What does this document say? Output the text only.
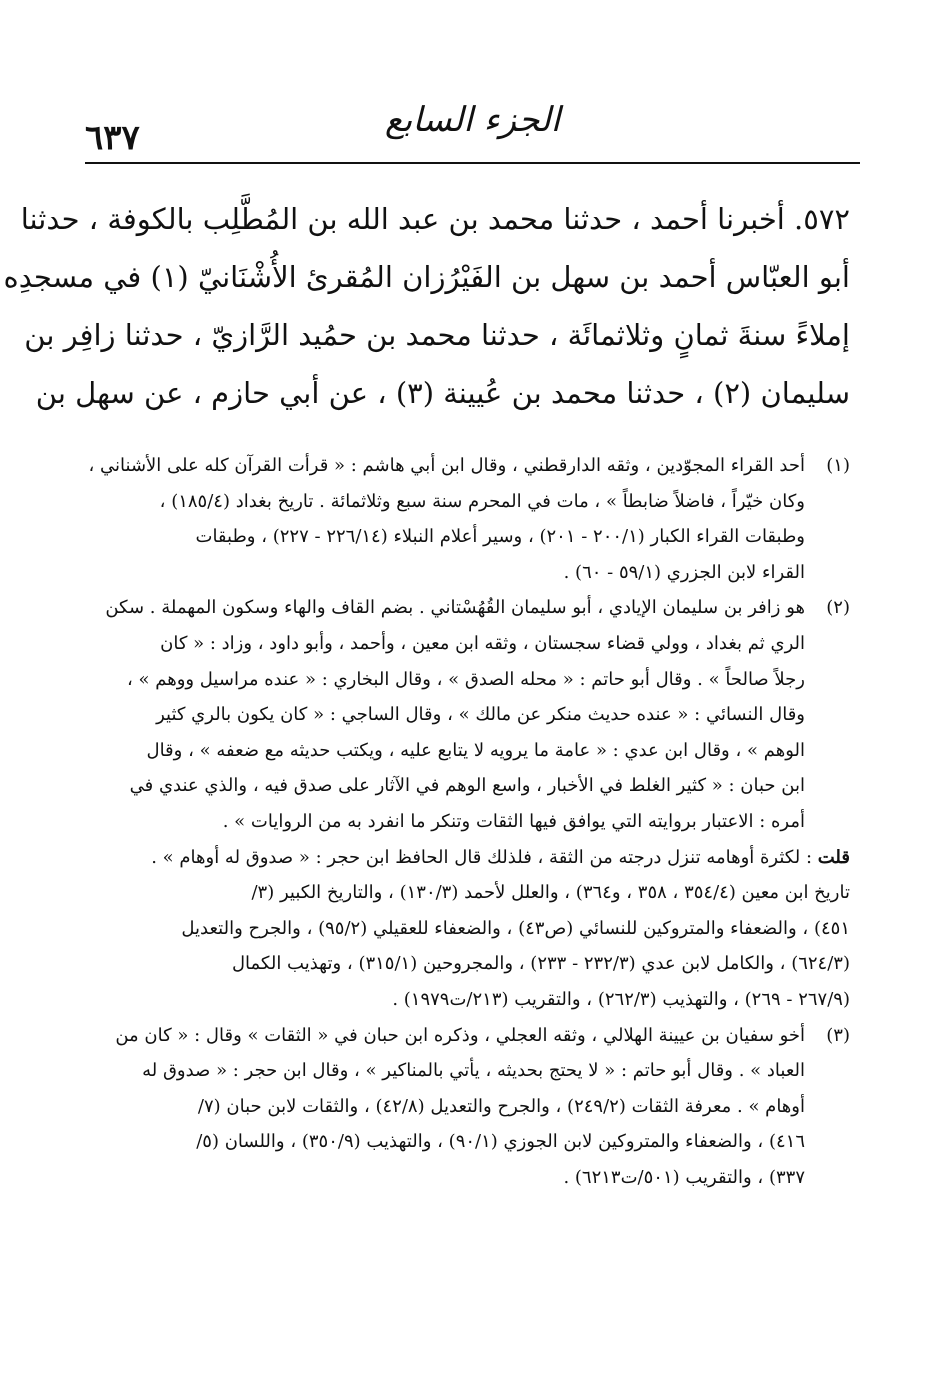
الجزء السابع
٦٣٧
٥٧٢. أخبرنا أحمد ، حدثنا محمد بن عبد الله بن المُطَّلِب بالكوفة ، حدثنا
أبو العبّاس أحمد بن سهل بن الفَيْرُزان المُقرئ الأُشْنَانيّ (١) في مسجدِه
إملاءً سنةَ ثمانٍ وثلاثمائَة ، حدثنا محمد بن حمُيد الرَّازيّ ، حدثنا زافِر بن
سليمان (٢) ، حدثنا محمد بن عُيينة (٣) ، عن أبي حازم ، عن سهل بن
(١)
أحد القراء المجوّدين ، وثقه الدارقطني ، وقال ابن أبي هاشم : « قرأت القرآن كله على الأشناني ،
وكان خيّراً ، فاضلاً ضابطاً » ، مات في المحرم سنة سبع وثلاثمائة . تاريخ بغداد (١٨٥/٤) ،
وطبقات القراء الكبار (٢٠٠/١ - ٢٠١) ، وسير أعلام النبلاء (٢٢٦/١٤ - ٢٢٧) ، وطبقات
القراء لابن الجزري (٥٩/١ - ٦٠) .
(٢)
هو زافر بن سليمان الإيادي ، أبو سليمان القُهُسْتاني . بضم القاف والهاء وسكون المهملة . سكن
الري ثم بغداد ، وولي قضاء سجستان ، وثقه ابن معين ، وأحمد ، وأبو داود ، وزاد : « كان
رجلاً صالحاً » . وقال أبو حاتم : « محله الصدق » ، وقال البخاري : « عنده مراسيل ووهم » ،
وقال النسائي : « عنده حديث منكر عن مالك » ، وقال الساجي : « كان يكون بالري كثير
الوهم » ، وقال ابن عدي : « عامة ما يرويه لا يتابع عليه ، ويكتب حديثه مع ضعفه » ، وقال
ابن حبان : « كثير الغلط في الأخبار ، واسع الوهم في الآثار على صدق فيه ، والذي عندي في
أمره : الاعتبار بروايته التي يوافق فيها الثقات وتنكر ما انفرد به من الروايات » .
قلت : لكثرة أوهامه تنزل درجته من الثقة ، فلذلك قال الحافظ ابن حجر : « صدوق له أوهام » .
تاريخ ابن معين (٣٥٤/٤ ، ٣٥٨ ، و٣٦٤) ، والعلل لأحمد (١٣٠/٣) ، والتاريخ الكبير (٣/
٤٥١) ، والضعفاء والمتروكين للنسائي (ص٤٣) ، والضعفاء للعقيلي (٩٥/٢) ، والجرح والتعديل
(٦٢٤/٣) ، والكامل لابن عدي (٢٣٢/٣ - ٢٣٣) ، والمجروحين (٣١٥/١) ، وتهذيب الكمال
(٢٦٧/٩ - ٢٦٩) ، والتهذيب (٢٦٢/٣) ، والتقريب (٢١٣/ت١٩٧٩) .
(٣)
أخو سفيان بن عيينة الهلالي ، وثقه العجلي ، وذكره ابن حبان في « الثقات » وقال : « كان من
العباد » . وقال أبو حاتم : « لا يحتج بحديثه ، يأتي بالمناكير » ، وقال ابن حجر : « صدوق له
أوهام » . معرفة الثقات (٢٤٩/٢) ، والجرح والتعديل (٤٢/٨) ، والثقات لابن حبان (٧/
٤١٦) ، والضعفاء والمتروكين لابن الجوزي (٩٠/١) ، والتهذيب (٣٥٠/٩) ، واللسان (٥/
٣٣٧) ، والتقريب (٥٠١/ت٦٢١٣) .
